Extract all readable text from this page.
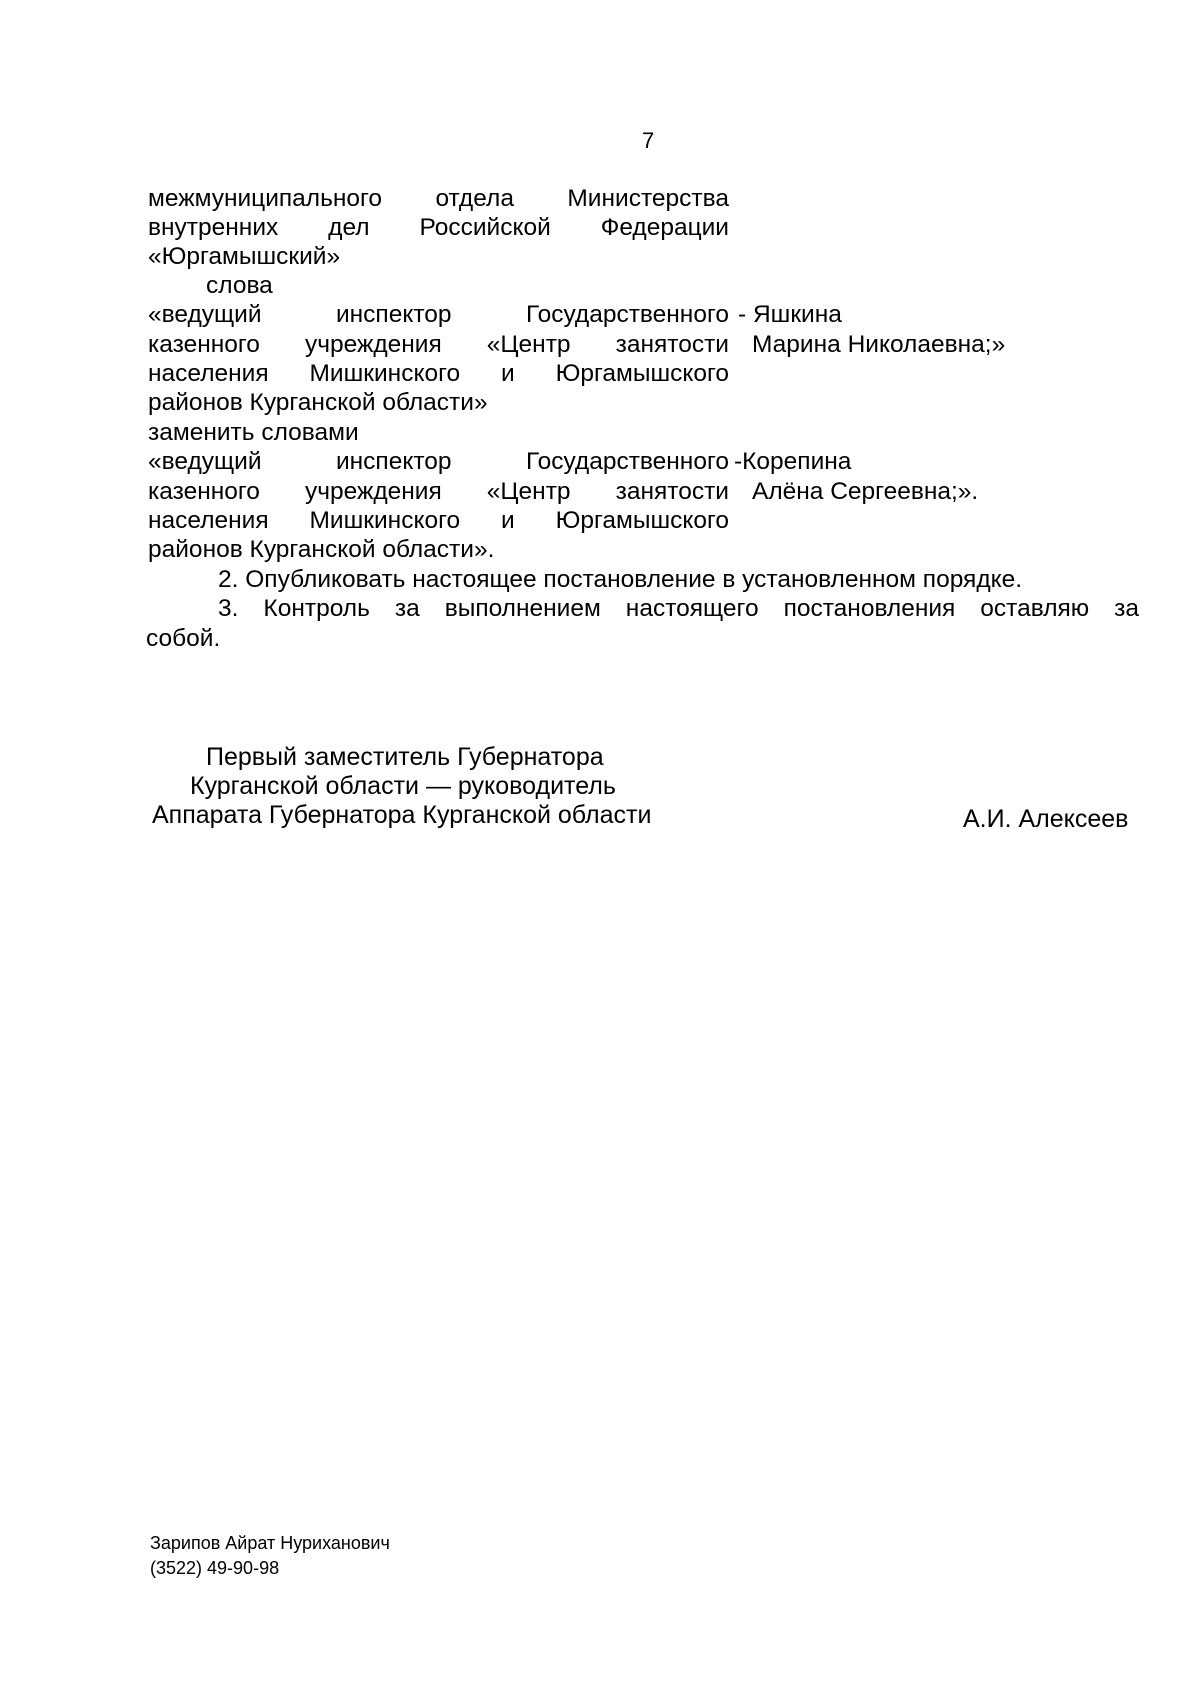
7
межмуниципального отдела Министерства
внутренних дел Российской Федерации
«Юргамышский»
слова
«ведущий инспектор Государственного
казенного учреждения «Центр занятости
населения Мишкинского и Юргамышского
районов Курганской области»
- Яшкина
Марина Николаевна;»
заменить словами
«ведущий инспектор Государственного
казенного учреждения «Центр занятости
населения Мишкинского и Юргамышского
районов Курганской области».
-Корепина
Алёна Сергеевна;».
2. Опубликовать настоящее постановление в установленном порядке.
3. Контроль за выполнением настоящего постановления оставляю за
собой.
Первый заместитель Губернатора
Курганской области — руководитель
Аппарата Губернатора Курганской области	А.И. Алексеев
Зарипов Айрат Нуриханович
(3522) 49-90-98
